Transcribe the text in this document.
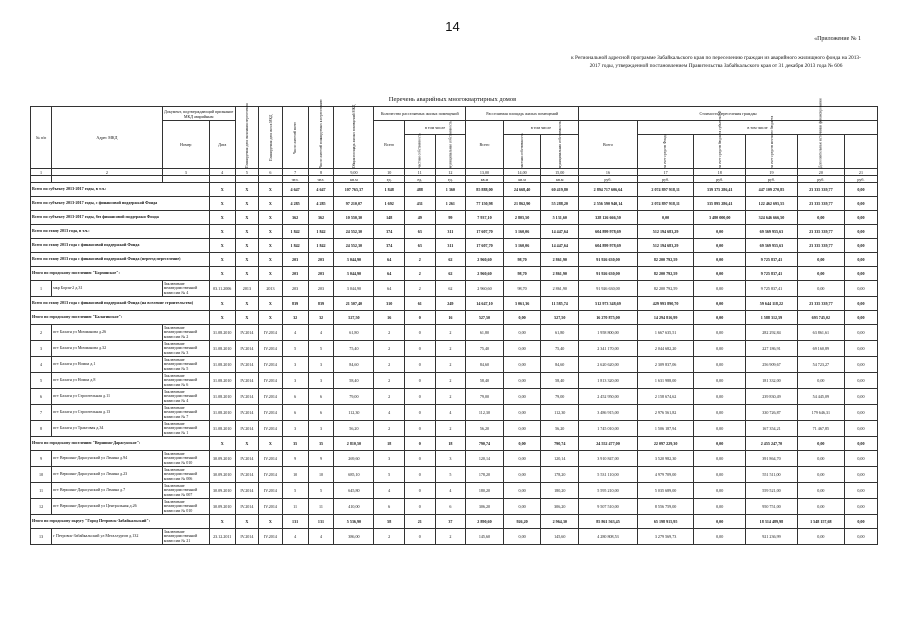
14
«Приложение № 1
к Региональной адресной программе Забайкальского края по переселению граждан из аварийного жилищного фонда на 2013-2017 годы, утвержденной постановлением Правительства Забайкальского края от 31 декабря 2013 года № 606
Перечень аварийных многоквартирных домов
№ п/п	Адрес МКД	Документ, подтверждающий признание МКД аварийным		Планируемая дата окончания переселения	Планируемая дата сноса МКД	Число жителей всего	Число жителей планируемых к переселению	Общая площадь жилых помещений МКД	Количество расселяемых жилых помещений			Расселяемая площадь жилых помещений			Стоимость переселения граждан					
		Номер	Дата						Всего	в том числе		Всего	в том числе		Всего	в том числе				
										частная собственность	муниципальная собственность		частная собственность	муниципальная собственность		за счет средств Фонда	за счет средств бюджета субъекта РФ	за счет средств местного бюджета	Дополнительные источники финансирования	
1	2	3	4	5	6	7	8	9,00	10	11	12	13,00	14,00	15,00	16	17	18	19	20	21
						чел.	чел.	кв.м	ед.	ед.	ед.	кв.м	кв.м	кв.м	руб.	руб.	руб.	руб.	руб.	руб.
Всего по субъекту 2013-2017 годы, в т.ч.:			X	X	X	4 647	4 647	107 765,37	1 848	488	1 360	85 888,00	24 668,40	60 419,80	2 894 717 606,64	2 074 897 918,11	339 375 286,41	447 109 270,85	23 335 339,77	0,00
Всего по субъекту 2013-2017 годы, с финансовой поддержкой Фонда			X	X	X	4 285	4 285	97 210,07	1 692	431	1 261	77 150,98	21 862,90	55 288,20	2 556 590 940,14	2 074 897 918,11	335 895 286,41	122 462 695,55	23 335 339,77	0,00
Всего по субъекту 2013-2017 годы, без финансовой поддержки Фонда			X	X	X	362	362	10 550,30	148	49	99	7 937,10	2 805,50	5 131,60	328 126 666,50	0,00	3 480 000,00	324 646 666,50	0,00	0,00
Всего по этапу 2013 года, в т.ч.:			X	X	X	1 842	1 842	24 552,30	374	63	311	17 607,70	3 160,06	14 447,64	604 899 978,69	512 194 683,29	0,00	69 369 955,63	23 335 339,77	0,00
Всего по этапу 2013 года с финансовой поддержкой Фонда			X	X	X	1 842	1 842	24 552,30	374	63	311	17 607,70	3 160,06	14 447,64	604 899 978,69	512 194 683,29	0,00	69 369 955,63	23 335 339,77	0,00
Всего по этапу 2013 года с финансовой поддержкой Фонда (переезд переселение)			X	X	X	203	203	3 044,90	64	2	62	2 960,60	98,70	2 861,90	91 926 630,00	82 200 792,59	0,00	9 725 837,41	0,00	0,00
Итого по городскому поселению "Борзинское":			X	X	X	203	203	3 044,90	64	2	62	2 960,60	98,70	2 861,90	91 926 630,00	82 200 792,59	0,00	9 725 837,41	0,00	0,00
1	мкр Борзя-2 д.31	Заключение межведомственной комиссии № 4	03.11.2006	2013	2013	203	203	3 044,90	64	2	62	2 960,60	98,70	2 861,90	91 926 630,00	82 200 792,59	0,00	9 725 837,41	0,00	0,00
Всего по этапу 2013 года с финансовой поддержкой Фонда (на вселение строительство)			X	X	X	839	839	21 507,40	310	61	249	14 647,10	3 061,36	11 585,74	512 973 348,69	429 993 890,70	0,00	59 644 118,22	23 335 339,77	0,00
Итого по городскому поселению "Балагинское":			X	X	X	32	32	527,50	16	0	16	527,50	0,00	527,50	16 270 875,00	14 294 816,99	0,00	1 588 312,59	693 745,02	0,00
2	пгт Балагн ул Мичманова д.26	Заключение межведомственной комиссии № 2	31.08.2010	IV.2014	IV.2014	4	4	61,80	2	0	2	61,80	0,00	61,80	1 958 800,00	1 667 635,51	0,00	282 292,84	63 861,61	0,00
3	пгт Балагн ул Мичманова д.32	Заключение межведомственной комиссии № 3	31.08.2010	IV.2014	IV.2014	5	5	75,40	2	0	2	75,40	0,00	75,40	2 341 170,00	2 044 682,20	0,00	227 186,91	69 160,89	0,00
4	пгт Балагн ул Номиа д.1	Заключение межведомственной комиссии № 5	31.08.2010	IV.2014	IV.2014	3	3	84,60	2	0	2	84,60	0,00	84,60	2 620 620,00	2 309 837,06	0,00	256 909,67	54 723,27	0,00
5	пгт Балагн ул Номиа д.8	Заключение межведомственной комиссии № 6	31.08.2010	IV.2014	IV.2014	3	3	58,40	2	0	2	58,40	0,00	58,40	1 813 320,00	1 631 988,00	0,00	181 332,00	0,00	0,00
6	пгт Балагн ул Строительная д.11	Заключение межведомственной комиссии № 4	31.08.2010	IV.2014	IV.2014	6	6	79,00	2	0	2	79,00	0,00	79,00	2 452 950,00	2 158 674,62	0,00	239 830,49	54 445,09	0,00
7	пгт Балагн ул Строительная д.13	Заключение межведомственной комиссии № 7	31.08.2010	IV.2014	IV.2014	6	6	112,30	4	0	4	112,30	0,00	112,30	3 486 915,00	2 976 561,82	0,00	330 726,87	179 646,31	0,00
8	пгт Балагн ул Трактовая д.34	Заключение межведомственной комиссии № 1	31.08.2010	IV.2014	IV.2014	3	3	56,20	2	0	2	56,20	0,00	56,20	1 745 010,00	1 506 187,94	0,00	167 354,21	71 467,85	0,00
Итого по городскому поселению "Вершино-Дарасунское":			X	X	X	35	35	2 810,50	18	0	18	790,74	0,00	790,74	24 552 477,00	22 097 229,30	0,00	2 455 247,70	0,00	0,00
9	пгт Вершино-Дарасунский ул Ленина д.94	Заключение межведомственной комиссии № 010	30.09.2010	IV.2014	IV.2014	9	9	269,60	3	0	3	120,14	0,00	120,14	3 910 847,00	3 520 982,30	0,00	391 864,70	0,00	0,00
10	пгт Вершино-Дарасунский ул Ленина д.23	Заключение межведомственной комиссии № 006	30.09.2010	IV.2014	IV.2014	10	10	685,10	5	0	5	178,20	0,00	178,20	5 531 110,00	4 979 709,00	0,00	551 511,00	0,00	0,00
11	пгт Вершино-Дарасунский ул Ленина д.7	Заключение межведомственной комиссии № 007	30.09.2010	IV.2014	IV.2014	5	5	645,80	4	0	4	180,20	0,00	180,20	5 595 210,00	5 035 689,00	0,00	559 521,00	0,00	0,00
12	пгт Вершино-Дарасунский ул Центральная д.26	Заключение межведомственной комиссии № 010	30.09.2010	IV.2014	IV.2014	11	11	410,00	6	0	6	306,20	0,00	306,20	9 507 510,00	8 556 759,00	0,00	950 751,00	0,00	0,00
Итого по городскому округу "Город Петровск-Забайкальский":			X	X	X	131	131	5 536,90	58	21	37	2 890,60	926,20	2 964,30	85 861 563,45	65 198 915,95	0,00	18 314 489,98	1 548 157,68	0,00
13	г Петровск-Забайкальский ул Мегаллургов д.132	Заключение межведомственной комиссии № 21	23.12.2011	IV.2014	IV.2014	4	4	386,00	2	0	2	145,60	0,00	145,60	4 280 808,53	3 279 569,73	0,00	921 236,99	0,00	0,00
